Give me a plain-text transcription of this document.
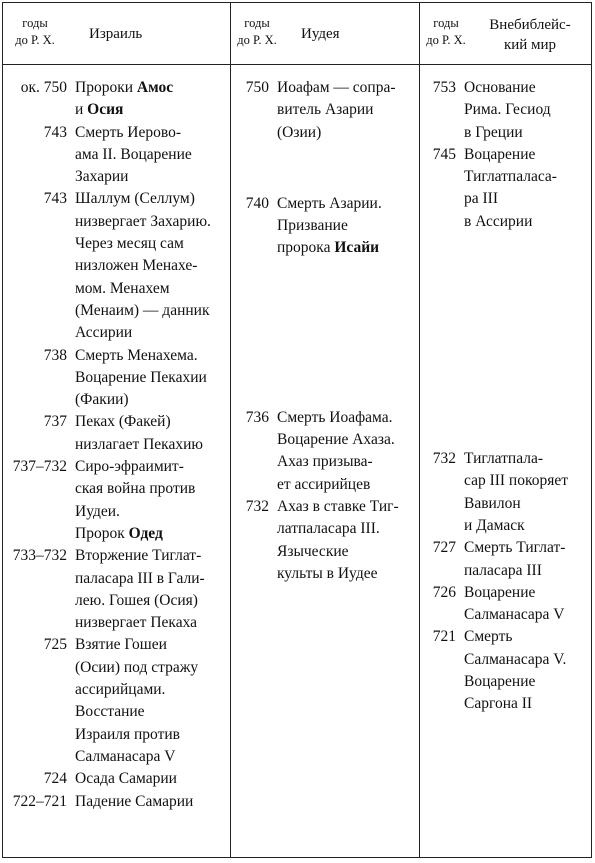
годы
до Р. Х.	Израиль
годы
до Р. Х. Иудея
годы
до Р. Х.
Внебиблейс-
кий мир
ок. 750 Пророки Амос
и Осия
743 Смерть Иерово-
ама II. Воцарение
Захарии
743 Шаллум (Селлум)
низвергает Захарию.
Через месяц сам
низложен Менахе-
мом. Менахем
(Менаим) — данник
Ассирии
738 Смерть Менахема.
Воцарение Пекахии
(Факии)
737 Пеках (Факей)
низлагает Пекахию
737–732 Сиро-эфраимит-
ская война против
Иудеи.
Пророк Одед
733–732 Вторжение Тиглат-
паласара III в Гали-
лею. Гошея (Осия)
низвергает Пекаха
725 Взятие Гошеи
(Осии) под стражу
ассирийцами.
Восстание
Израиля против
Салманасара V
724 Осада Самарии
722–721 Падение Самарии
750 Иоафам — сопра-
витель Азарии
(Озии)
740 Смерть Азарии.
Призвание
пророка Исайи
736 Смерть Иоафама.
Воцарение Ахаза.
Ахаз призыва-
ет ассирийцев
732 Ахаз в ставке Тиг-
латпаласара III.
Языческие
культы в Иудее
753 Основание
Рима. Гесиод
в Греции
745 Воцарение
Тиглатпаласа-
ра III
в Ассирии
732 Тиглатпала-
сар III покоряет
Вавилон
и Дамаск
727 Смерть Тиглат-
паласара III
726 Воцарение
Салманасара V
721 Смерть
Салманасара V.
Воцарение
Саргона II
